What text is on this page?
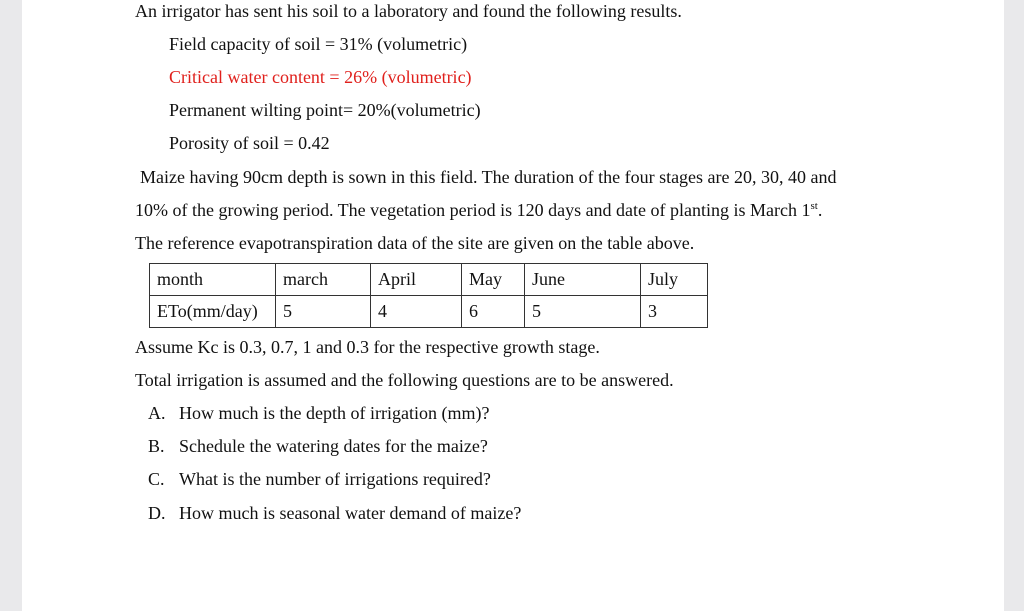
An irrigator has sent his soil to a laboratory and found the following results.

Field capacity of soil = 31% (volumetric)

Critical water content = 26% (volumetric)

Permanent wilting point= 20%(volumetric)

Porosity of soil = 0.42

Maize having 90cm depth is sown in this field. The duration of the four stages are 20, 30, 40 and

10% of the growing period. The vegetation period is 120 days and date of planting is March 1st.

The reference evapotranspiration data of the site are given on the table above.

month	march	April	May	June	July
ETo(mm/day)	5	4	6	5	3

Assume Kc is 0.3, 0.7, 1 and 0.3 for the respective growth stage.

Total irrigation is assumed and the following questions are to be answered.

A. How much is the depth of irrigation (mm)?

B. Schedule the watering dates for the maize?

C. What is the number of irrigations required?

D. How much is seasonal water demand of maize?
